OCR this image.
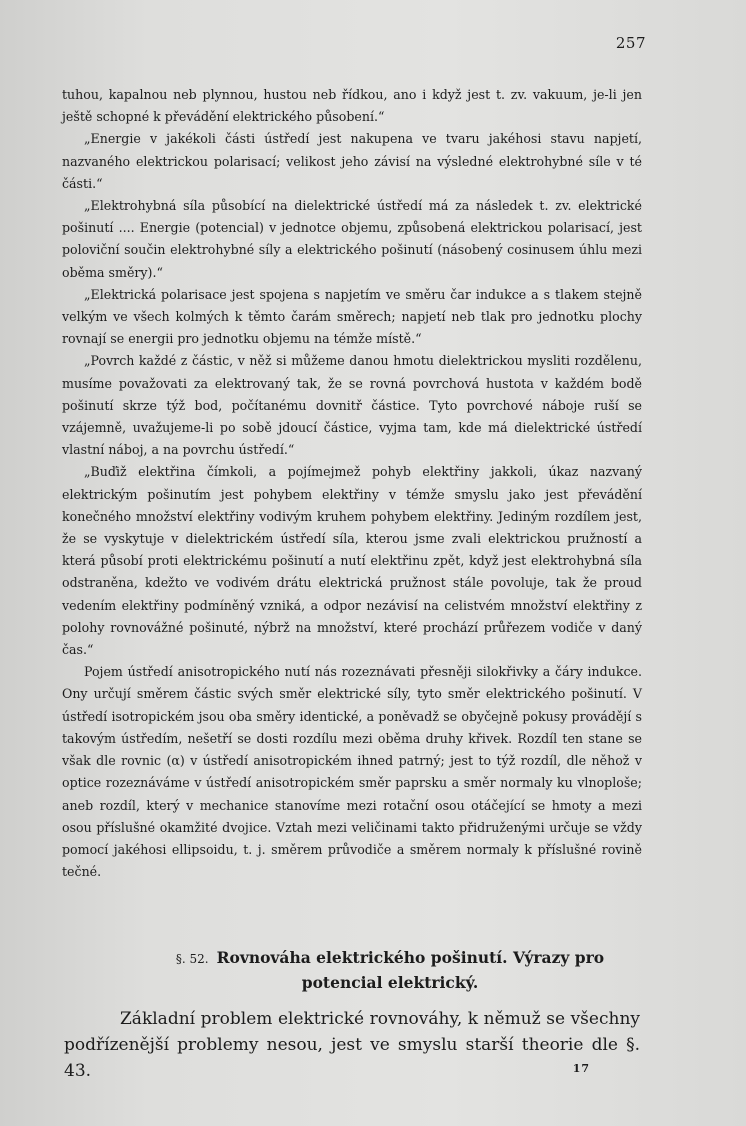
257

tuhou, kapalnou neb plynnou, hustou neb řídkou, ano i když jest t. zv. vakuum, je-li jen ještě schopné k převádění elektrického působení.“

„Energie v jakékoli části ústředí jest nakupena ve tvaru jakéhosi stavu napjetí, nazvaného elektrickou polarisací; velikost jeho závisí na výsledné elektrohybné síle v té části.“

„Elektrohybná síla působící na dielektrické ústředí má za následek t. zv. elektrické pošinutí .... Energie (potencial) v jednotce objemu, způsobená elektrickou polarisací, jest poloviční součin elektrohybné síly a elektrického pošinutí (násobený cosinusem úhlu mezi oběma směry).“

„Elektrická polarisace jest spojena s napjetím ve směru čar indukce a s tlakem stejně velkým ve všech kolmých k těmto čarám směrech; napjetí neb tlak pro jednotku plochy rovnají se energii pro jednotku objemu na témže místě.“

„Povrch každé z částic, v něž si můžeme danou hmotu dielektrickou mysliti rozdělenu, musíme považovati za elektrovaný tak, že se rovná povrchová hustota v každém bodě pošinutí skrze týž bod, počítanému dovnitř částice. Tyto povrchové náboje ruší se vzájemně, uvažujeme-li po sobě jdoucí částice, vyjma tam, kde má dielektrické ústředí vlastní náboj, a na povrchu ústředí.“

„Buďiž elektřina čímkoli, a pojímejmež pohyb elektřiny jakkoli, úkaz nazvaný elektrickým pošinutím jest pohybem elektřiny v témže smyslu jako jest převádění konečného množství elektřiny vodivým kruhem pohybem elektřiny. Jediným rozdílem jest, že se vyskytuje v dielektrickém ústředí síla, kterou jsme zvali elektrickou pružností a která působí proti elektrickému pošinutí a nutí elektřinu zpět, když jest elektrohybná síla odstraněna, kdežto ve vodivém drátu elektrická pružnost stále povoluje, tak že proud vedením elektřiny podmíněný vzniká, a odpor nezávisí na celistvém množství elektřiny z polohy rovnovážné pošinuté, nýbrž na množství, které prochází průřezem vodiče v daný čas.“

Pojem ústředí anisotropického nutí nás rozeznávati přesněji silokřivky a čáry indukce. Ony určují směrem částic svých směr elektrické síly, tyto směr elektrického pošinutí. V ústředí isotropickém jsou oba směry identické, a poněvadž se obyčejně pokusy provádějí s takovým ústředím, nešetří se dosti rozdílu mezi oběma druhy křivek. Rozdíl ten stane se však dle rovnic (α) v ústředí anisotropickém ihned patrný; jest to týž rozdíl, dle něhož v optice rozeznáváme v ústředí anisotropickém směr paprsku a směr normaly ku vlnoploše; aneb rozdíl, který v mechanice stanovíme mezi rotační osou otáčející se hmoty a mezi osou příslušné okamžité dvojice. Vztah mezi veličinami takto přidruženými určuje se vždy pomocí jakéhosi ellipsoidu, t. j. směrem průvodiče a směrem normaly k příslušné rovině tečné.

§. 52. Rovnováha elektrického pošinutí. Výrazy pro potencial elektrický.
Základní problem elektrické rovnováhy, k němuž se všechny podřízenější problemy nesou, jest ve smyslu starší theorie dle §. 43.	17
